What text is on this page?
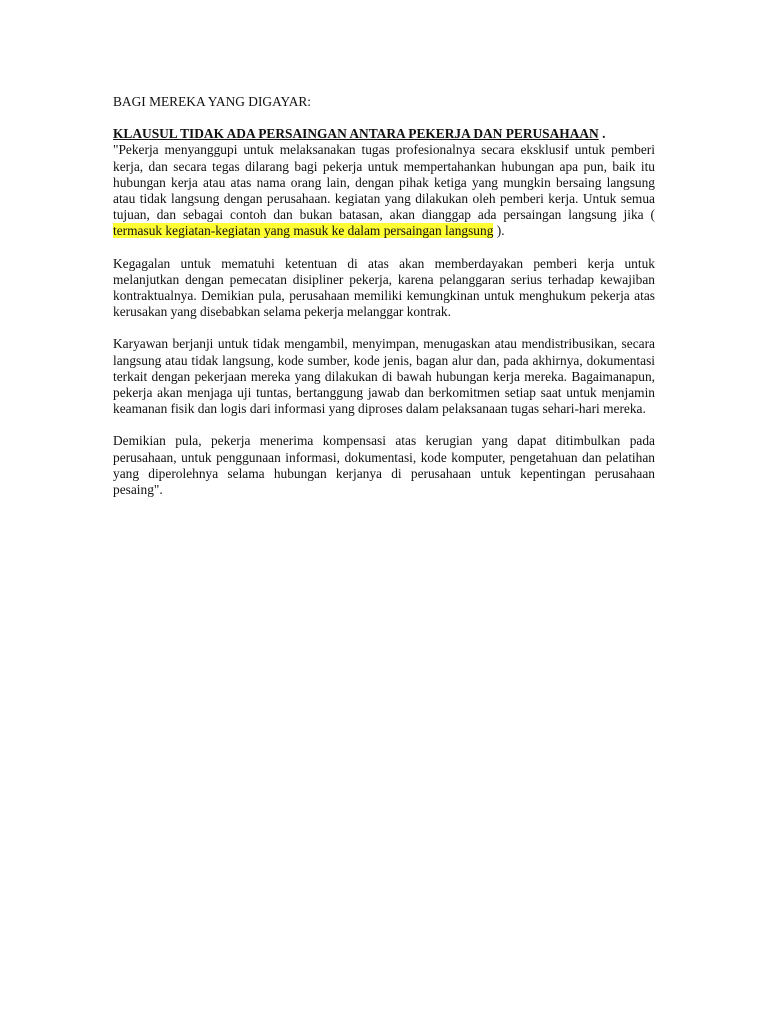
BAGI MEREKA YANG DIGAYAR:

KLAUSUL TIDAK ADA PERSAINGAN ANTARA PEKERJA DAN PERUSAHAAN .

"Pekerja menyanggupi untuk melaksanakan tugas profesionalnya secara eksklusif untuk pemberi kerja, dan secara tegas dilarang bagi pekerja untuk mempertahankan hubungan apa pun, baik itu hubungan kerja atau atas nama orang lain, dengan pihak ketiga yang mungkin bersaing langsung atau tidak langsung dengan perusahaan. kegiatan yang dilakukan oleh pemberi kerja. Untuk semua tujuan, dan sebagai contoh dan bukan batasan, akan dianggap ada persaingan langsung jika ( termasuk kegiatan-kegiatan yang masuk ke dalam persaingan langsung ).

Kegagalan untuk mematuhi ketentuan di atas akan memberdayakan pemberi kerja untuk melanjutkan dengan pemecatan disipliner pekerja, karena pelanggaran serius terhadap kewajiban kontraktualnya. Demikian pula, perusahaan memiliki kemungkinan untuk menghukum pekerja atas kerusakan yang disebabkan selama pekerja melanggar kontrak.

Karyawan berjanji untuk tidak mengambil, menyimpan, menugaskan atau mendistribusikan, secara langsung atau tidak langsung, kode sumber, kode jenis, bagan alur dan, pada akhirnya, dokumentasi terkait dengan pekerjaan mereka yang dilakukan di bawah hubungan kerja mereka. Bagaimanapun, pekerja akan menjaga uji tuntas, bertanggung jawab dan berkomitmen setiap saat untuk menjamin keamanan fisik dan logis dari informasi yang diproses dalam pelaksanaan tugas sehari-hari mereka.

Demikian pula, pekerja menerima kompensasi atas kerugian yang dapat ditimbulkan pada perusahaan, untuk penggunaan informasi, dokumentasi, kode komputer, pengetahuan dan pelatihan yang diperolehnya selama hubungan kerjanya di perusahaan untuk kepentingan perusahaan pesaing".
